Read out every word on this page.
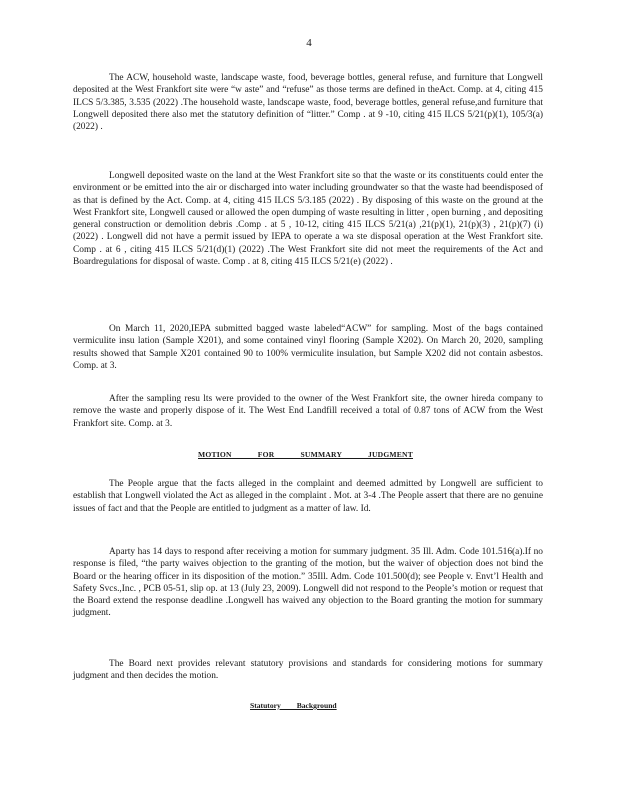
4

The ACW, household waste, landscape waste, food, beverage bottles, general refuse, and furniture that Longwell deposited at the West Frankfort site were “w aste” and “refuse” as those terms are defined in theAct. Comp. at 4, citing 415 ILCS 5/3.385, 3.535 (2022) .The household waste, landscape waste, food, beverage bottles, general refuse,and furniture that Longwell deposited there also met the statutory definition of “litter.” Comp . at 9 -10, citing 415 ILCS 5/21(p)(1), 105/3(a) (2022) .

Longwell deposited waste on the land at the West Frankfort site so that the waste or its constituents could enter the environment or be emitted into the air or discharged into water including groundwater so that the waste had beendisposed of as that is defined by the Act. Comp. at 4, citing 415 ILCS 5/3.185 (2022) . By disposing of this waste on the ground at the West Frankfort site, Longwell caused or allowed the open dumping of waste resulting in litter , open burning , and depositing general construction or demolition debris .Comp . at 5 , 10-12, citing 415 ILCS 5/21(a) ,21(p)(1), 21(p)(3) , 21(p)(7) (i)(2022) . Longwell did not have a permit issued by IEPA to operate a wa ste disposal operation at the West Frankfort site. Comp . at 6 , citing 415 ILCS 5/21(d)(1) (2022) .The West Frankfort site did not meet the requirements of the Act and Boardregulations for disposal of waste. Comp . at 8, citing 415 ILCS 5/21(e) (2022) .

On March 11, 2020,IEPA submitted bagged waste labeled“ACW” for sampling. Most of the bags contained vermiculite insu lation (Sample X201), and some contained vinyl flooring (Sample X202). On March 20, 2020, sampling results showed that Sample X201 contained 90 to 100% vermiculite insulation, but Sample X202 did not contain asbestos. Comp. at 3.

After the sampling resu lts were provided to the owner of the West Frankfort site, the owner hireda company to remove the waste and properly dispose of it. The West End Landfill received a total of 0.87 tons of ACW from the West Frankfort site. Comp. at 3.

MOTION FOR SUMMARY JUDGMENT

The People argue that the facts alleged in the complaint and deemed admitted by Longwell are sufficient to establish that Longwell violated the Act as alleged in the complaint . Mot. at 3-4 .The People assert that there are no genuine issues of fact and that the People are entitled to judgment as a matter of law. Id.

Aparty has 14 days to respond after receiving a motion for summary judgment. 35 Ill. Adm. Code 101.516(a).If no response is filed, “the party waives objection to the granting of the motion, but the waiver of objection does not bind the Board or the hearing officer in its disposition of the motion.” 35Ill. Adm. Code 101.500(d); see People v. Envt’l Health and Safety Svcs.,Inc. , PCB 05-51, slip op. at 13 (July 23, 2009). Longwell did not respond to the People’s motion or request that the Board extend the response deadline .Longwell has waived any objection to the Board granting the motion for summary judgment.

The Board next provides relevant statutory provisions and standards for considering motions for summary judgment and then decides the motion.

Statutory Background
